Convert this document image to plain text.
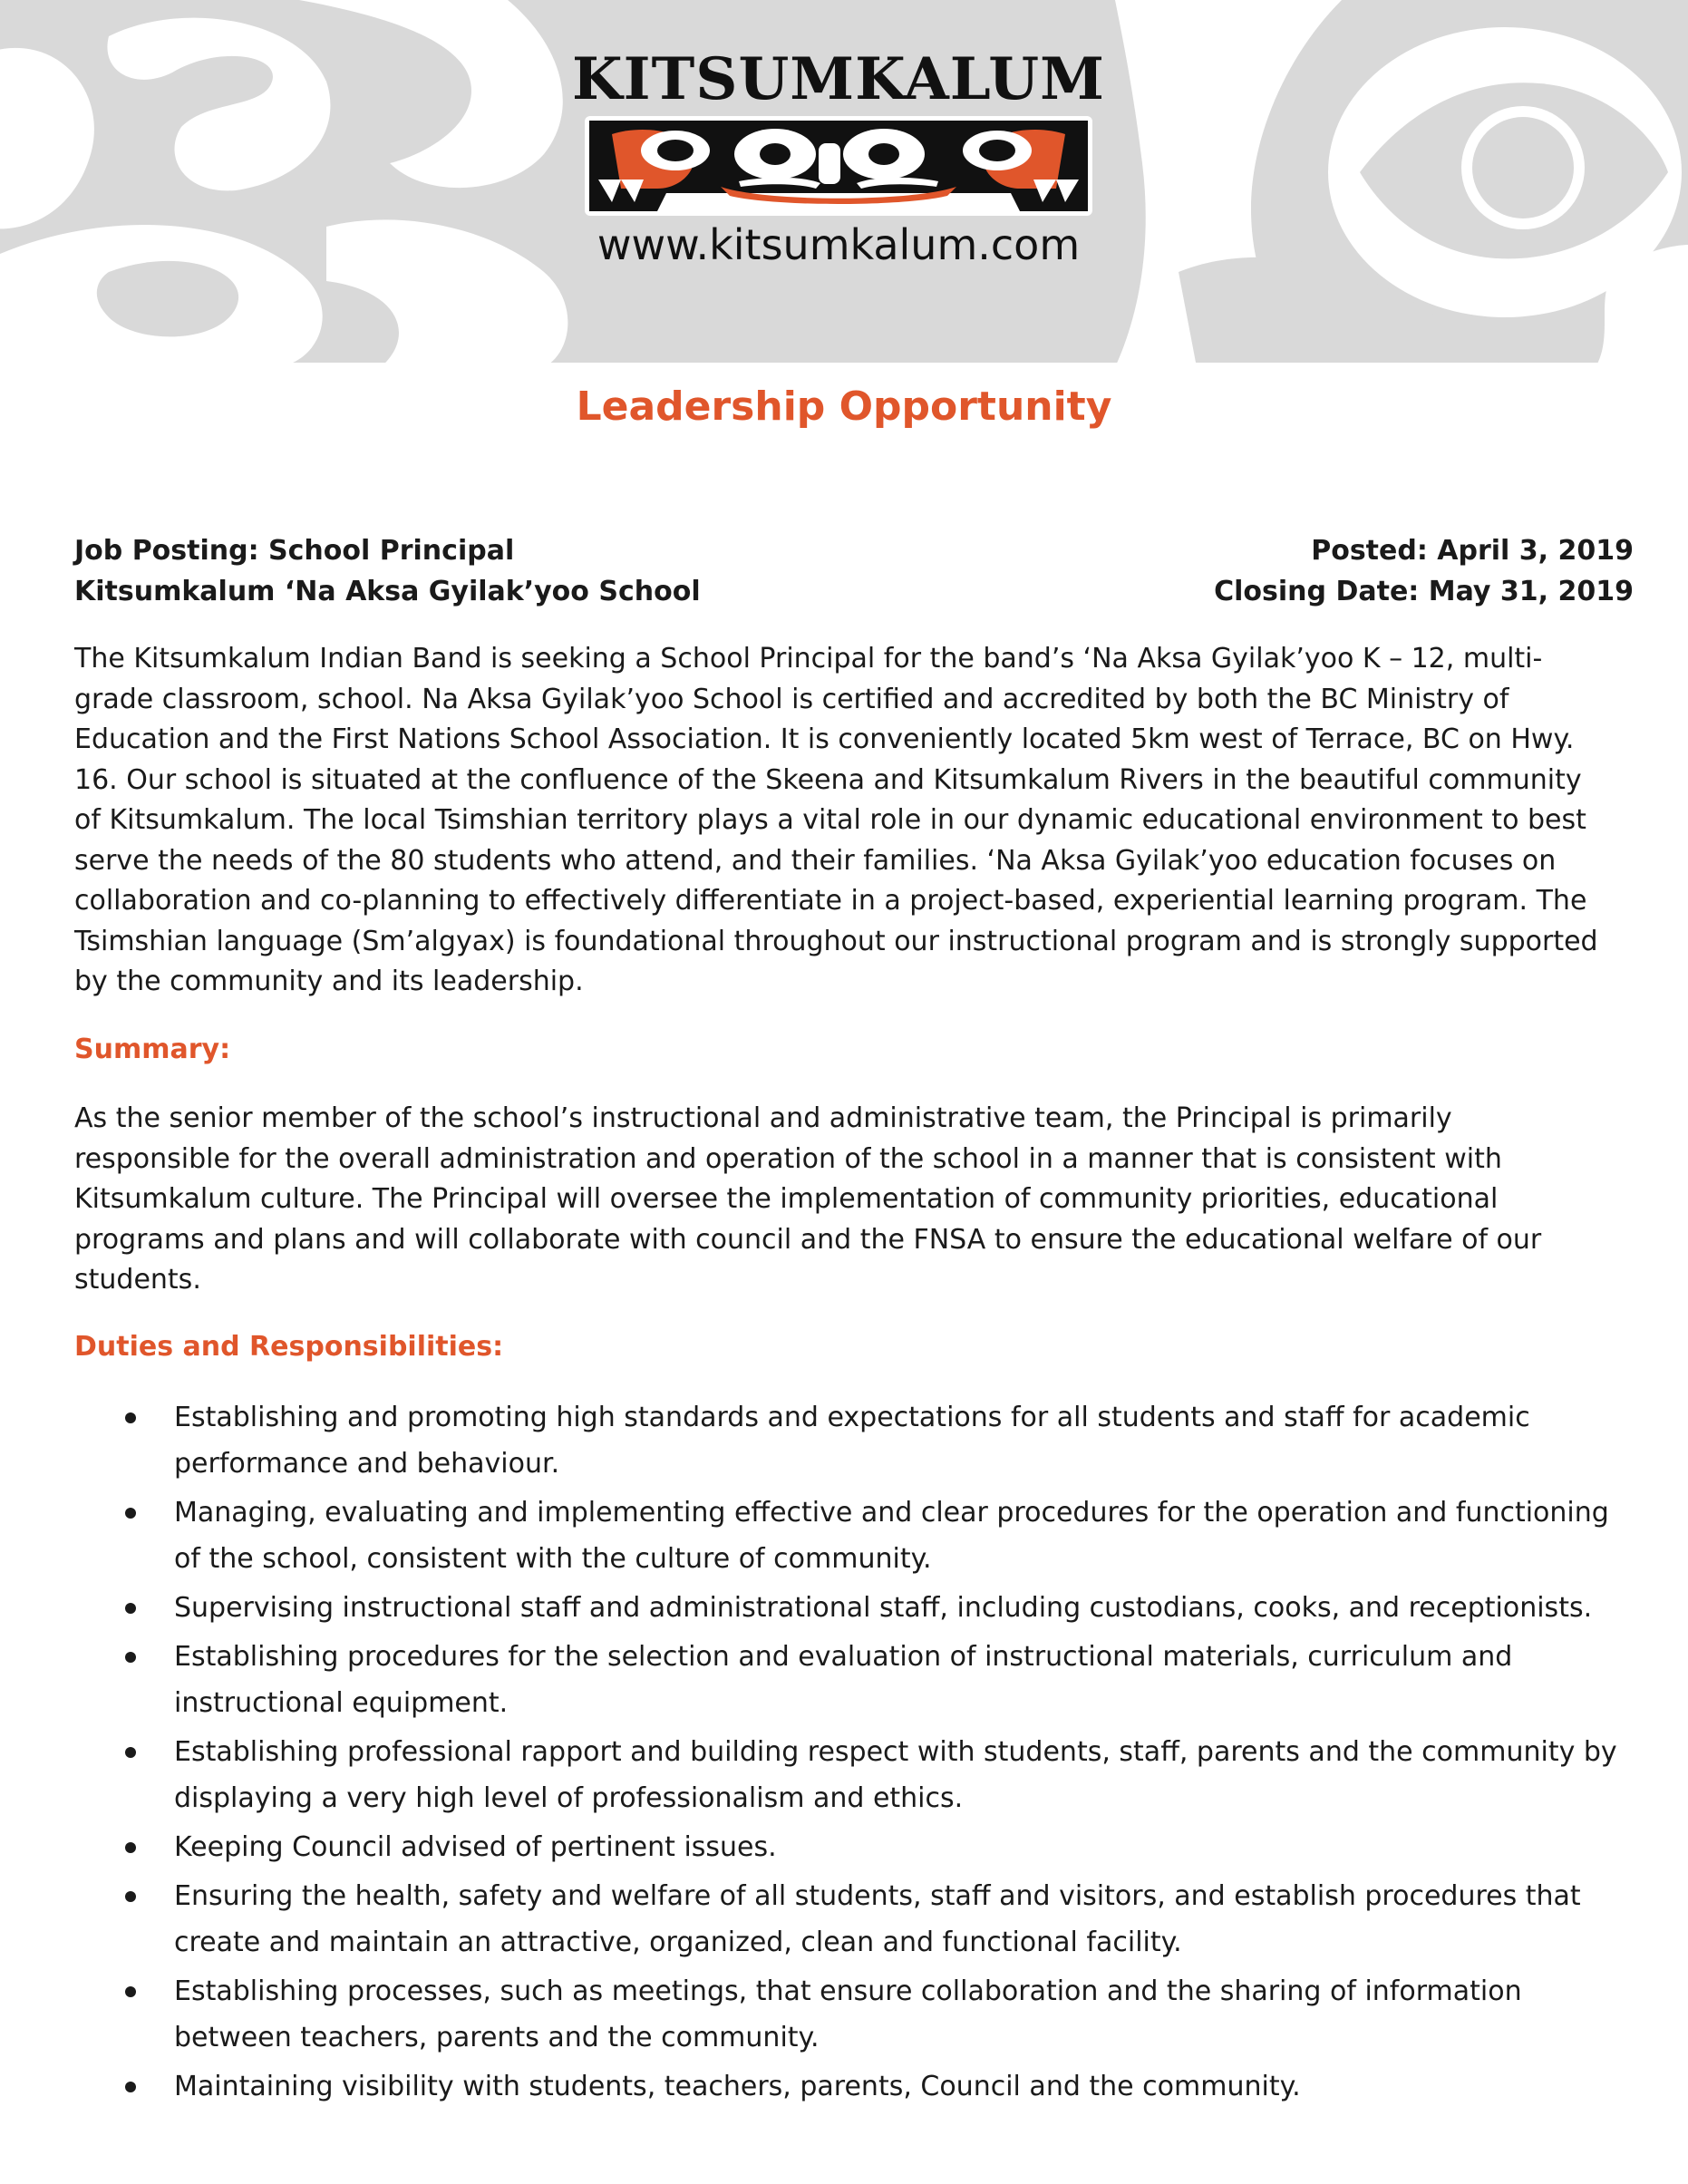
KITSUMKALUM
www.kitsumkalum.com
Leadership Opportunity
Job Posting: School Principal
Kitsumkalum ‘Na Aksa Gyilak’yoo School
Posted: April 3, 2019
Closing Date: May 31, 2019

The Kitsumkalum Indian Band is seeking a School Principal for the band’s ‘Na Aksa Gyilak’yoo K – 12, multi-grade classroom, school. Na Aksa Gyilak’yoo School is certified and accredited by both the BC Ministry of Education and the First Nations School Association. It is conveniently located 5km west of Terrace, BC on Hwy. 16. Our school is situated at the confluence of the Skeena and Kitsumkalum Rivers in the beautiful community of Kitsumkalum. The local Tsimshian territory plays a vital role in our dynamic educational environment to best serve the needs of the 80 students who attend, and their families. ‘Na Aksa Gyilak’yoo education focuses on collaboration and co-planning to effectively differentiate in a project-based, experiential learning program. The Tsimshian language (Sm’algyax) is foundational throughout our instructional program and is strongly supported by the community and its leadership.

Summary:

As the senior member of the school’s instructional and administrative team, the Principal is primarily responsible for the overall administration and operation of the school in a manner that is consistent with Kitsumkalum culture. The Principal will oversee the implementation of community priorities, educational programs and plans and will collaborate with council and the FNSA to ensure the educational welfare of our students.

Duties and Responsibilities:
Establishing and promoting high standards and expectations for all students and staff for academic performance and behaviour.
Managing, evaluating and implementing effective and clear procedures for the operation and functioning of the school, consistent with the culture of community.
Supervising instructional staff and administrational staff, including custodians, cooks, and receptionists.
Establishing procedures for the selection and evaluation of instructional materials, curriculum and instructional equipment.
Establishing professional rapport and building respect with students, staff, parents and the community by displaying a very high level of professionalism and ethics.
Keeping Council advised of pertinent issues.
Ensuring the health, safety and welfare of all students, staff and visitors, and establish procedures that create and maintain an attractive, organized, clean and functional facility.
Establishing processes, such as meetings, that ensure collaboration and the sharing of information between teachers, parents and the community.
Maintaining visibility with students, teachers, parents, Council and the community.
